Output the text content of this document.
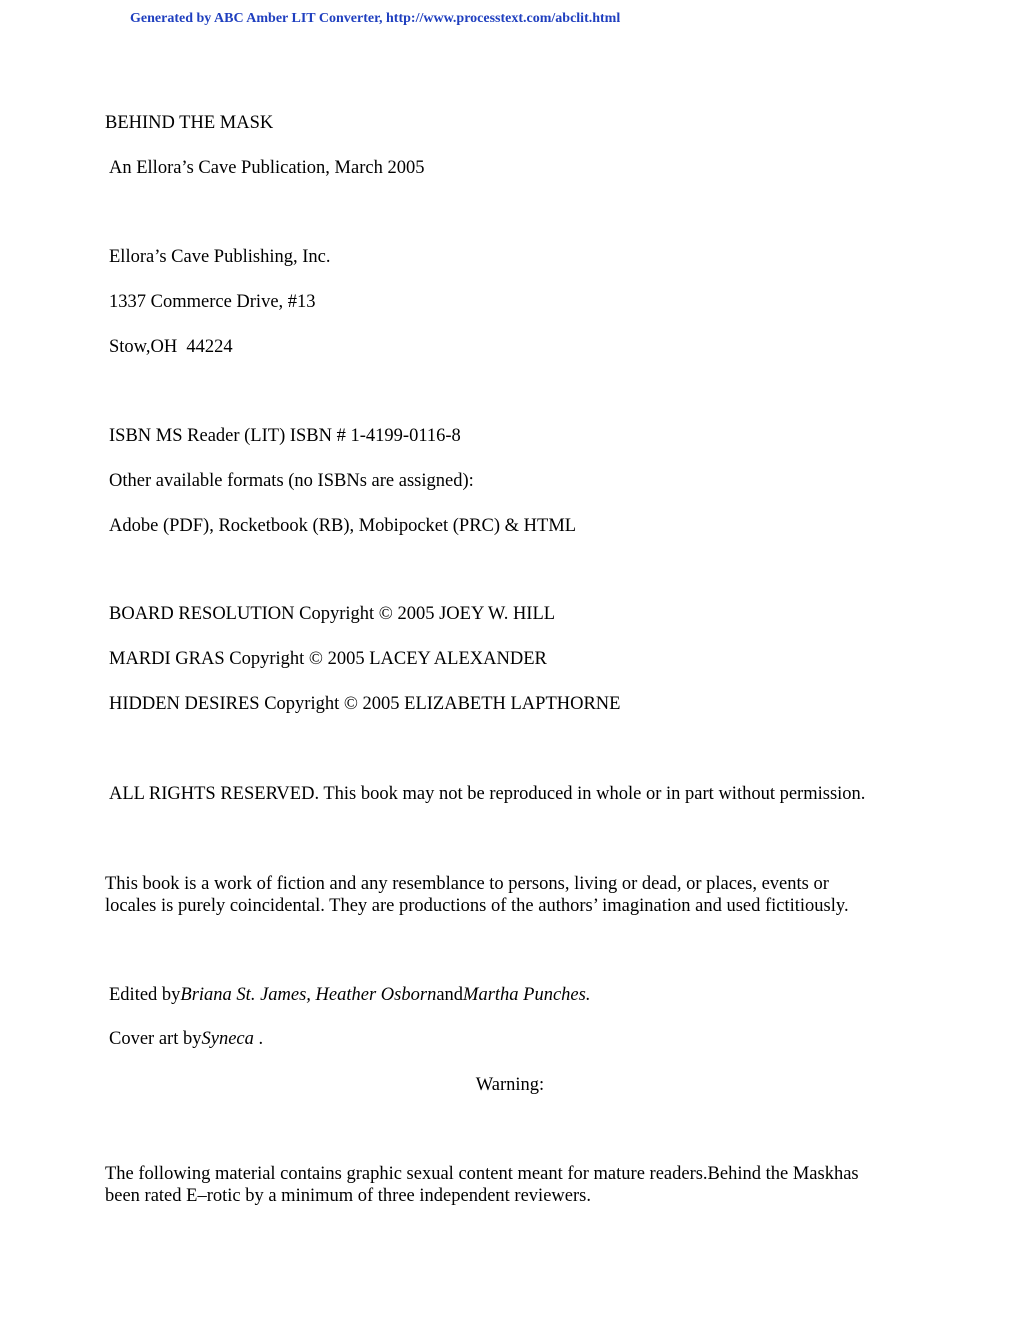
Generated by ABC Amber LIT Converter, http://www.processtext.com/abclit.html
BEHIND THE MASK
An Ellora’s Cave Publication, March 2005
Ellora’s Cave Publishing, Inc.
1337 Commerce Drive, #13
Stow,OH  44224
ISBN MS Reader (LIT) ISBN # 1-4199-0116-8
Other available formats (no ISBNs are assigned):
Adobe (PDF), Rocketbook (RB), Mobipocket (PRC) & HTML
BOARD RESOLUTION Copyright © 2005 JOEY W. HILL
MARDI GRAS Copyright © 2005 LACEY ALEXANDER
HIDDEN DESIRES Copyright © 2005 ELIZABETH LAPTHORNE
ALL RIGHTS RESERVED. This book may not be reproduced in whole or in part without permission.
This book is a work of fiction and any resemblance to persons, living or dead, or places, events or
locales is purely coincidental. They are productions of the authors’ imagination and used fictitiously.
Edited byBriana St. James, Heather OsbornandMartha Punches.
Cover art bySyneca .
Warning:
The following material contains graphic sexual content meant for mature readers.Behind the Maskhas
been rated E–rotic by a minimum of three independent reviewers.
